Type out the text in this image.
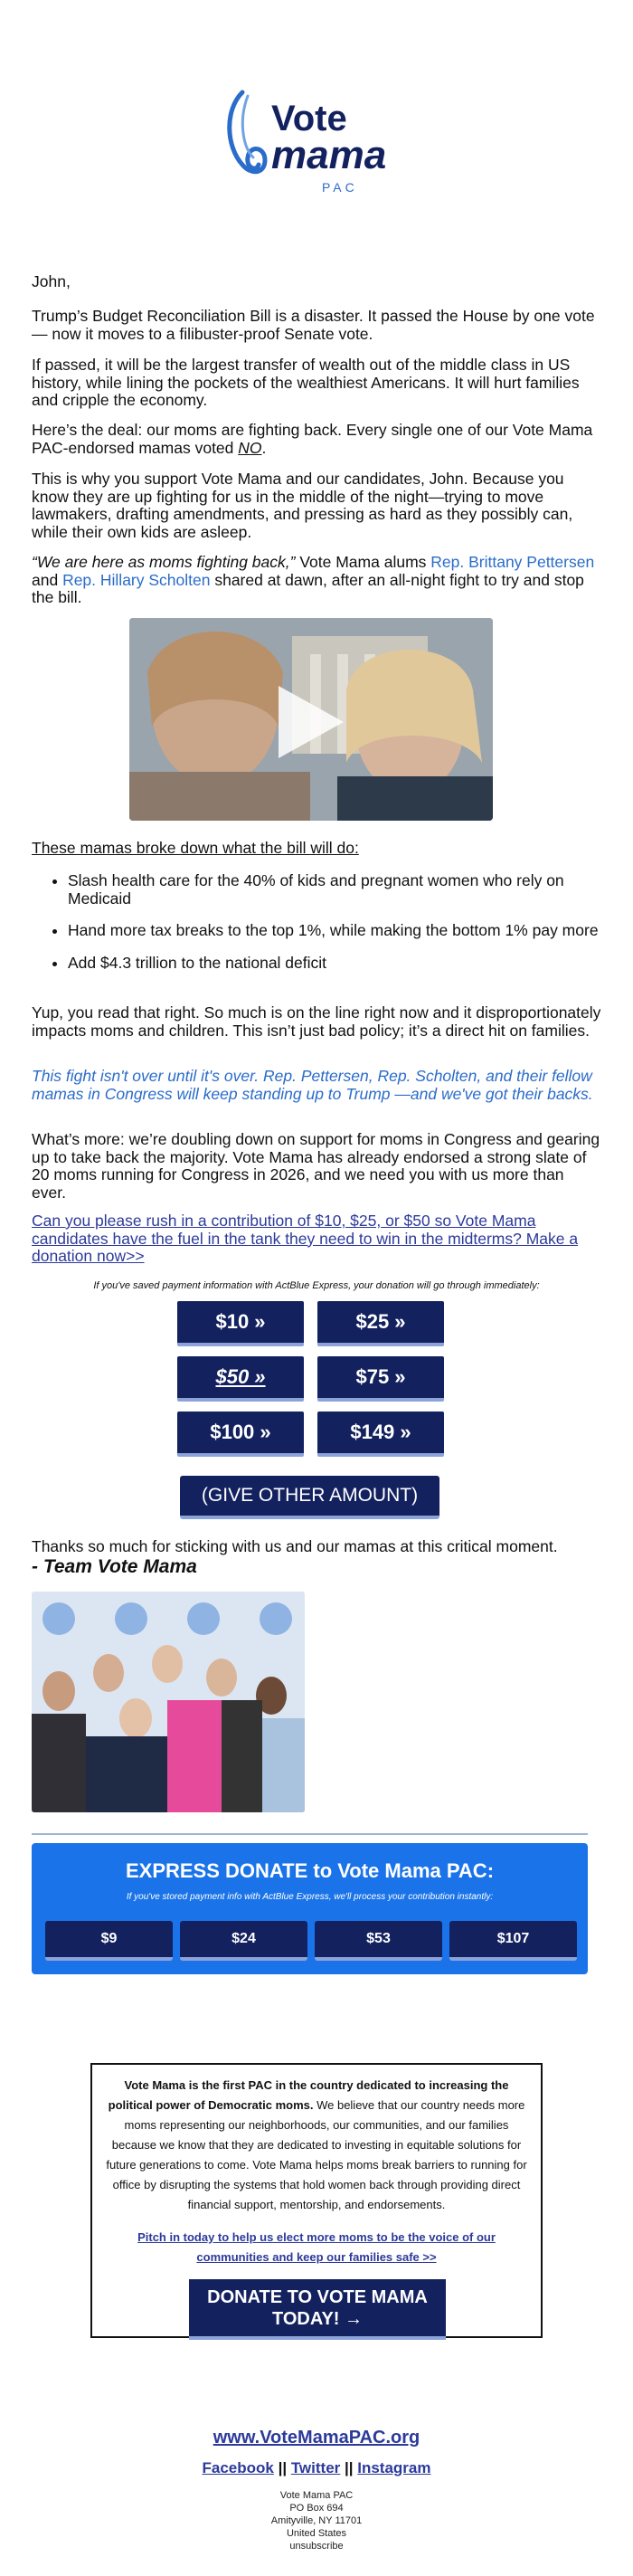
Vote
mama
PAC
John,
Trump’s Budget Reconciliation Bill is a disaster. It passed the House by one vote— now it moves to a filibuster-proof Senate vote.
If passed, it will be the largest transfer of wealth out of the middle class in US history, while lining the pockets of the wealthiest Americans. It will hurt families and cripple the economy.
Here’s the deal: our moms are fighting back. Every single one of our Vote Mama PAC-endorsed mamas voted NO.
This is why you support Vote Mama and our candidates, John. Because you know they are up fighting for us in the middle of the night—trying to move lawmakers, drafting amendments, and pressing as hard as they possibly can, while their own kids are asleep.
“We are here as moms fighting back,” Vote Mama alums Rep. Brittany Pettersen and Rep. Hillary Scholten shared at dawn, after an all-night fight to try and stop the bill.
These mamas broke down what the bill will do:
• Slash health care for the 40% of kids and pregnant women who rely on Medicaid
• Hand more tax breaks to the top 1%, while making the bottom 1% pay more
• Add $4.3 trillion to the national deficit
Yup, you read that right. So much is on the line right now and it disproportionately impacts moms and children. This isn’t just bad policy; it’s a direct hit on families.
This fight isn't over until it's over. Rep. Pettersen, Rep. Scholten, and their fellow mamas in Congress will keep standing up to Trump —and we've got their backs.
What’s more: we’re doubling down on support for moms in Congress and gearing up to take back the majority. Vote Mama has already endorsed a strong slate of 20 moms running for Congress in 2026, and we need you with us more than ever.
Can you please rush in a contribution of $10, $25, or $50 so Vote Mama candidates have the fuel in the tank they need to win in the midterms? Make a donation now>>
If you've saved payment information with ActBlue Express, your donation will go through immediately:
$10 »	$25 »
$50 »	$75 »
$100 »	$149 »
(GIVE OTHER AMOUNT)
Thanks so much for sticking with us and our mamas at this critical moment.
- Team Vote Mama
EXPRESS DONATE to Vote Mama PAC:
If you've stored payment info with ActBlue Express, we'll process your contribution instantly:
$9	$24	$53	$107
Vote Mama is the first PAC in the country dedicated to increasing the political power of Democratic moms. We believe that our country needs more moms representing our neighborhoods, our communities, and our families because we know that they are dedicated to investing in equitable solutions for future generations to come. Vote Mama helps moms break barriers to running for office by disrupting the systems that hold women back through providing direct financial support, mentorship, and endorsements.
Pitch in today to help us elect more moms to be the voice of our communities and keep our families safe >>
DONATE TO VOTE MAMA TODAY! →
www.VoteMamaPAC.org
Facebook || Twitter || Instagram
Vote Mama PAC
PO Box 694
Amityville, NY 11701
United States
unsubscribe
